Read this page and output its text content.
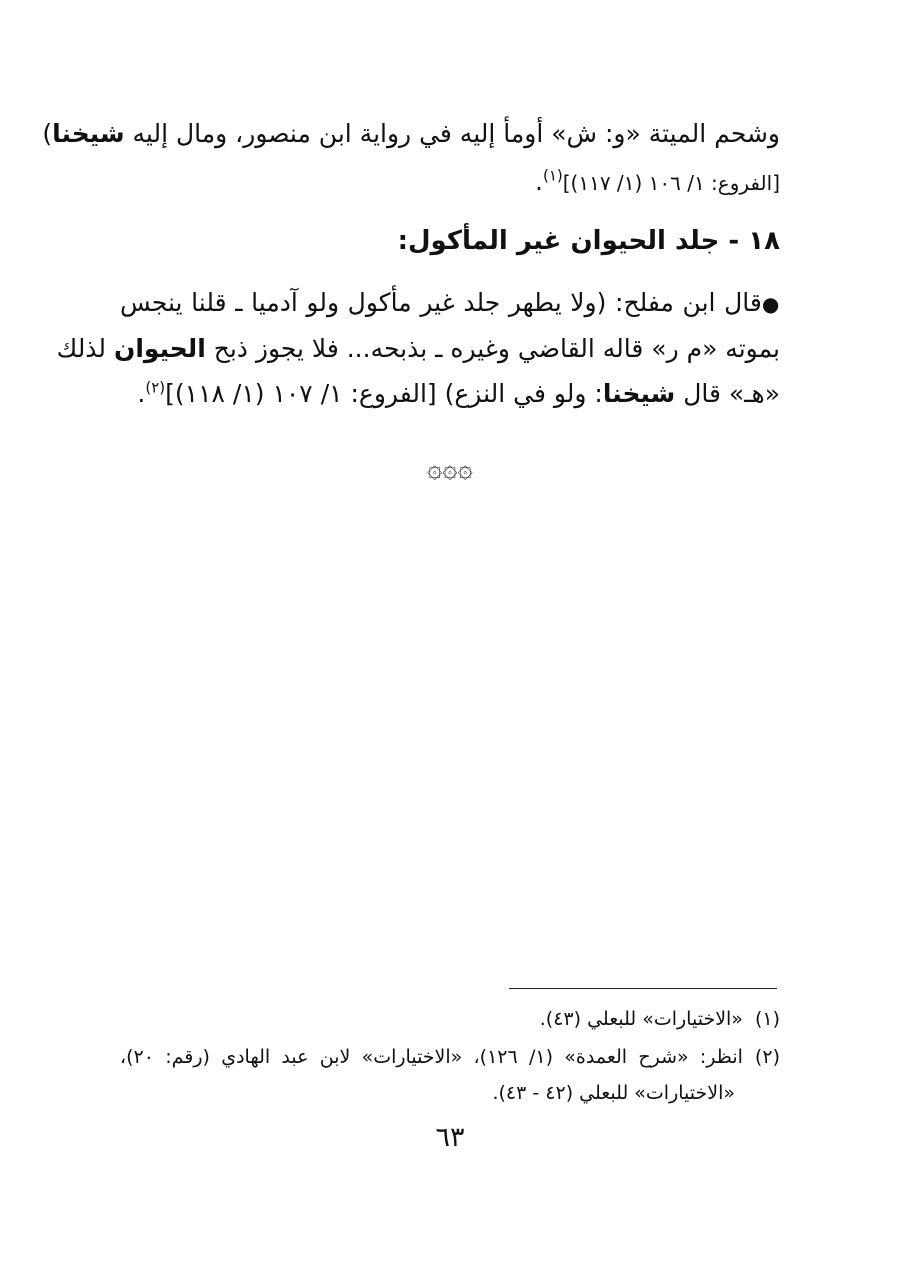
وشحم الميتة «و: ش» أومأ إليه في رواية ابن منصور، ومال إليه شيخنا)
[الفروع: ١/ ١٠٦ (١/ ١١٧)]$^{(١)}$.
١٨ - جلد الحيوان غير المأكول:
●قال ابن مفلح: (ولا يطهر جلد غير مأكول ولو آدميا ـ قلنا ينجس
بموته «م ر» قاله القاضي وغيره ـ بذبحه... فلا يجوز ذبح الحيوان لذلك
«هـ» قال شيخنا: ولو في النزع) [الفروع: ١/ ١٠٧ (١/ ١١٨)]$^{(٢)}$.
۞۞۞
(١)«الاختيارات» للبعلي (٤٣).
(٢)انظر: «شرح العمدة» (١/ ١٢٦)، «الاختيارات» لابن عبد الهادي (رقم: ٢٠)،
«الاختيارات» للبعلي (٤٢ - ٤٣).
٦٣
